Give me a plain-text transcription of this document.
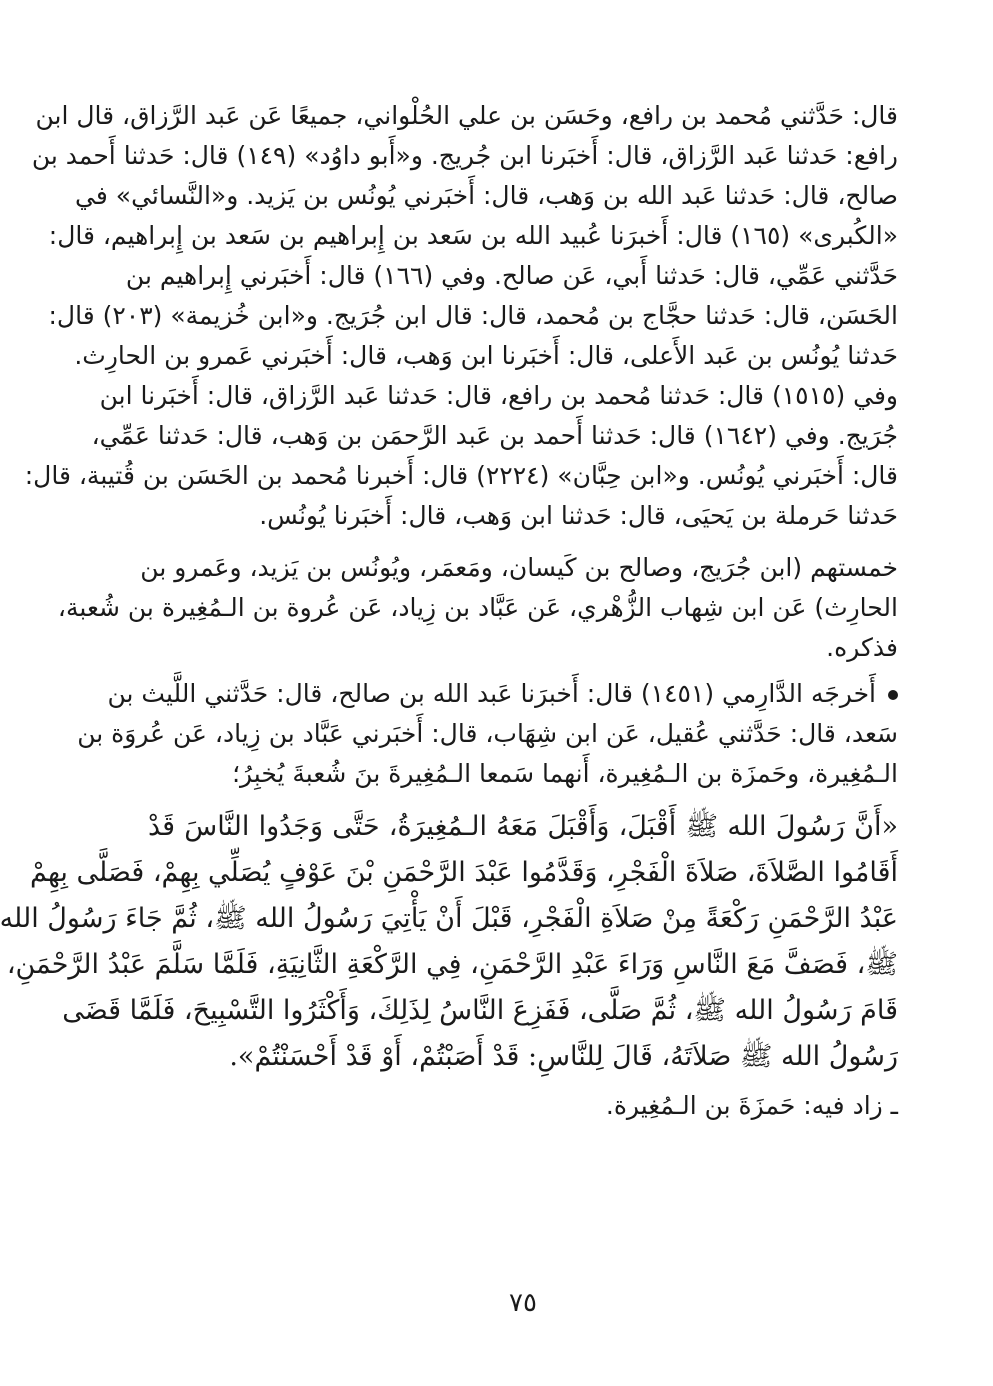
قال: حَدَّثني مُحمد بن رافع، وحَسَن بن علي الحُلْواني، جميعًا عَن عَبد الرَّزاق، قال ابن
رافع: حَدثنا عَبد الرَّزاق، قال: أَخبَرنا ابن جُريج. و«أَبو داوُد» (١٤٩) قال: حَدثنا أَحمد بن
صالح، قال: حَدثنا عَبد الله بن وَهب، قال: أَخبَرني يُونُس بن يَزيد. و«النَّسائي» في
«الكُبرى» (١٦٥) قال: أَخبرَنا عُبيد الله بن سَعد بن إِبراهيم بن سَعد بن إِبراهيم، قال:
حَدَّثني عَمِّي، قال: حَدثنا أَبي، عَن صالح. وفي (١٦٦) قال: أَخبَرني إِبراهيم بن
الحَسَن، قال: حَدثنا حجَّاج بن مُحمد، قال: قال ابن جُرَيج. و«ابن خُزيمة» (٢٠٣) قال:
حَدثنا يُونُس بن عَبد الأَعلى، قال: أَخبَرنا ابن وَهب، قال: أَخبَرني عَمرو بن الحارِث.
وفي (١٥١٥) قال: حَدثنا مُحمد بن رافع، قال: حَدثنا عَبد الرَّزاق، قال: أَخبَرنا ابن
جُرَيج. وفي (١٦٤٢) قال: حَدثنا أَحمد بن عَبد الرَّحمَن بن وَهب، قال: حَدثنا عَمِّي،
قال: أَخبَرني يُونُس. و«ابن حِبَّان» (٢٢٢٤) قال: أَخبرنا مُحمد بن الحَسَن بن قُتيبة، قال:
حَدثنا حَرملة بن يَحيَى، قال: حَدثنا ابن وَهب، قال: أَخبَرنا يُونُس.
خمستهم (ابن جُرَيج، وصالح بن كَيسان، ومَعمَر، ويُونُس بن يَزيد، وعَمرو بن
الحارِث) عَن ابن شِهاب الزُّهْري، عَن عَبَّاد بن زِياد، عَن عُروة بن الـمُغِيرة بن شُعبة،
فذكره.
أَخرجَه الدَّارِمي (١٤٥١) قال: أَخبرَنا عَبد الله بن صالح، قال: حَدَّثني اللَّيث بن
سَعد، قال: حَدَّثني عُقيل، عَن ابن شِهَاب، قال: أَخبَرني عَبَّاد بن زِياد، عَن عُروَة بن
الـمُغِيرة، وحَمزَة بن الـمُغِيرة، أَنهما سَمعا الـمُغِيرةَ بنَ شُعبةَ يُخبِرُ؛
«أَنَّ رَسُولَ الله ﷺ أَقْبَلَ، وَأَقْبَلَ مَعَهُ الـمُغِيرَةُ، حَتَّى وَجَدُوا النَّاسَ قَدْ
أَقَامُوا الصَّلاَةَ، صَلاَةَ الْفَجْرِ، وَقَدَّمُوا عَبْدَ الرَّحْمَنِ بْنَ عَوْفٍ يُصَلِّي بِهِمْ، فَصَلَّى بِهِمْ
عَبْدُ الرَّحْمَنِ رَكْعَةً مِنْ صَلاَةِ الْفَجْرِ، قَبْلَ أَنْ يَأْتِيَ رَسُولُ الله ﷺ، ثُمَّ جَاءَ رَسُولُ الله
ﷺ، فَصَفَّ مَعَ النَّاسِ وَرَاءَ عَبْدِ الرَّحْمَنِ، فِي الرَّكْعَةِ الثَّانِيَةِ، فَلَمَّا سَلَّمَ عَبْدُ الرَّحْمَنِ،
قَامَ رَسُولُ الله ﷺ، ثُمَّ صَلَّى، فَفَزِعَ النَّاسُ لِذَلِكَ، وَأَكْثَرُوا التَّسْبِيحَ، فَلَمَّا قَضَى
رَسُولُ الله ﷺ صَلاَتَهُ، قَالَ لِلنَّاسِ: قَدْ أَصَبْتُمْ، أَوْ قَدْ أَحْسَنْتُمْ».
ـ زاد فيه: حَمزَةَ بن الـمُغِيرة.
٧٥
